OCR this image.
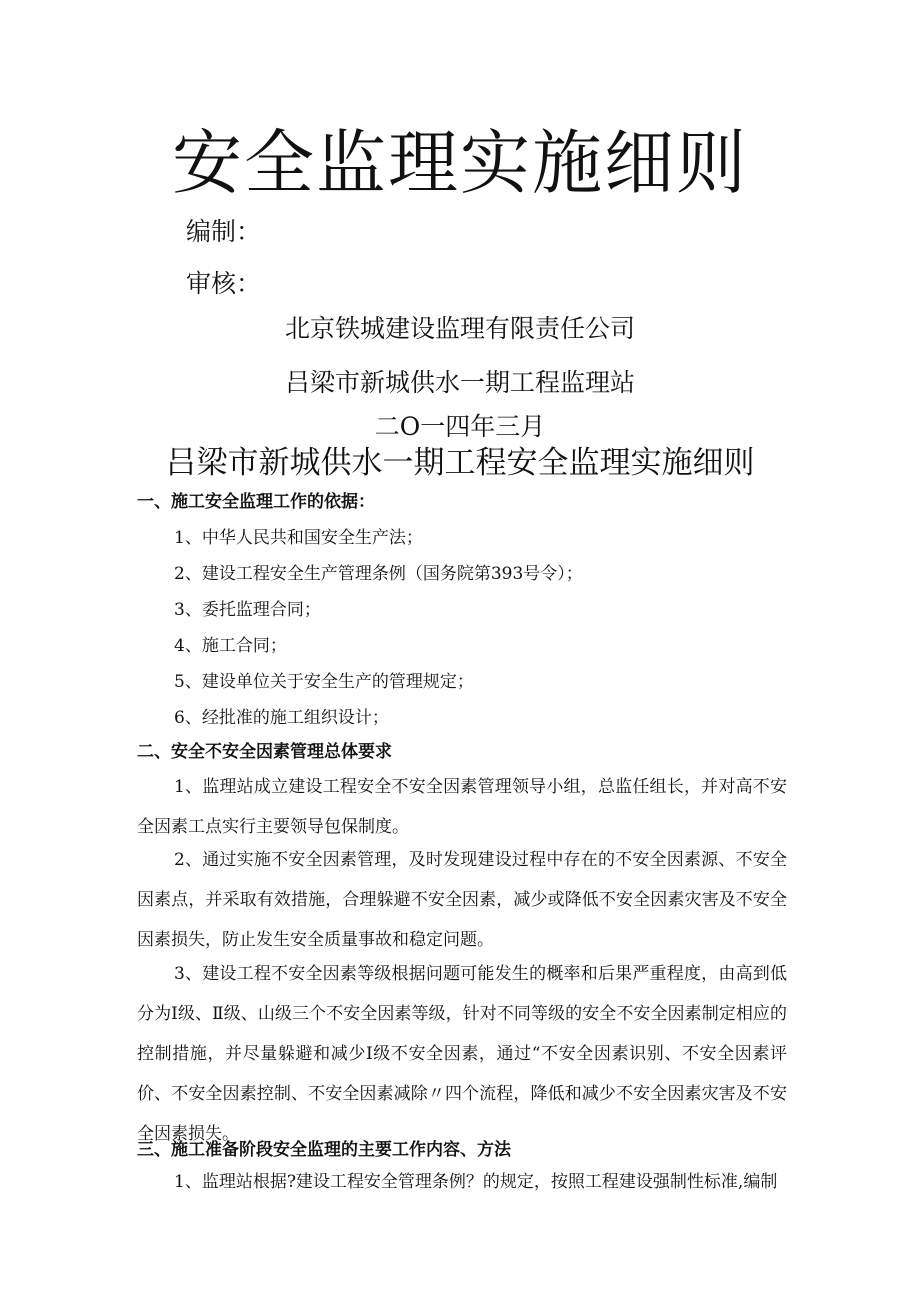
安全监理实施细则
编制：
审核：
北京铁城建设监理有限责任公司
吕梁市新城供水一期工程监理站
二O一四年三月
吕梁市新城供水一期工程安全监理实施细则
一、施工安全监理工作的依据：
1、中华人民共和国安全生产法；
2、建设工程安全生产管理条例（国务院第393号令）；
3、委托监理合同；
4、施工合同；
5、建设单位关于安全生产的管理规定；
6、经批准的施工组织设计；
二、安全不安全因素管理总体要求

1、监理站成立建设工程安全不安全因素管理领导小组，总监任组长，并对高不安全因素工点实行主要领导包保制度。

2、通过实施不安全因素管理，及时发现建设过程中存在的不安全因素源、不安全因素点，并采取有效措施，合理躲避不安全因素，减少或降低不安全因素灾害及不安全因素损失，防止发生安全质量事故和稳定问题。

3、建设工程不安全因素等级根据问题可能发生的概率和后果严重程度，由高到低分为Ⅰ级、Ⅱ级、山级三个不安全因素等级，针对不同等级的安全不安全因素制定相应的控制措施，并尽量躲避和减少Ⅰ级不安全因素，通过“不安全因素识别、不安全因素评价、不安全因素控制、不安全因素减除〃四个流程，降低和减少不安全因素灾害及不安全因素损失。

三、施工准备阶段安全监理的主要工作内容、方法

1、监理站根据?建设工程安全管理条例？的规定，按照工程建设强制性标准,编制
